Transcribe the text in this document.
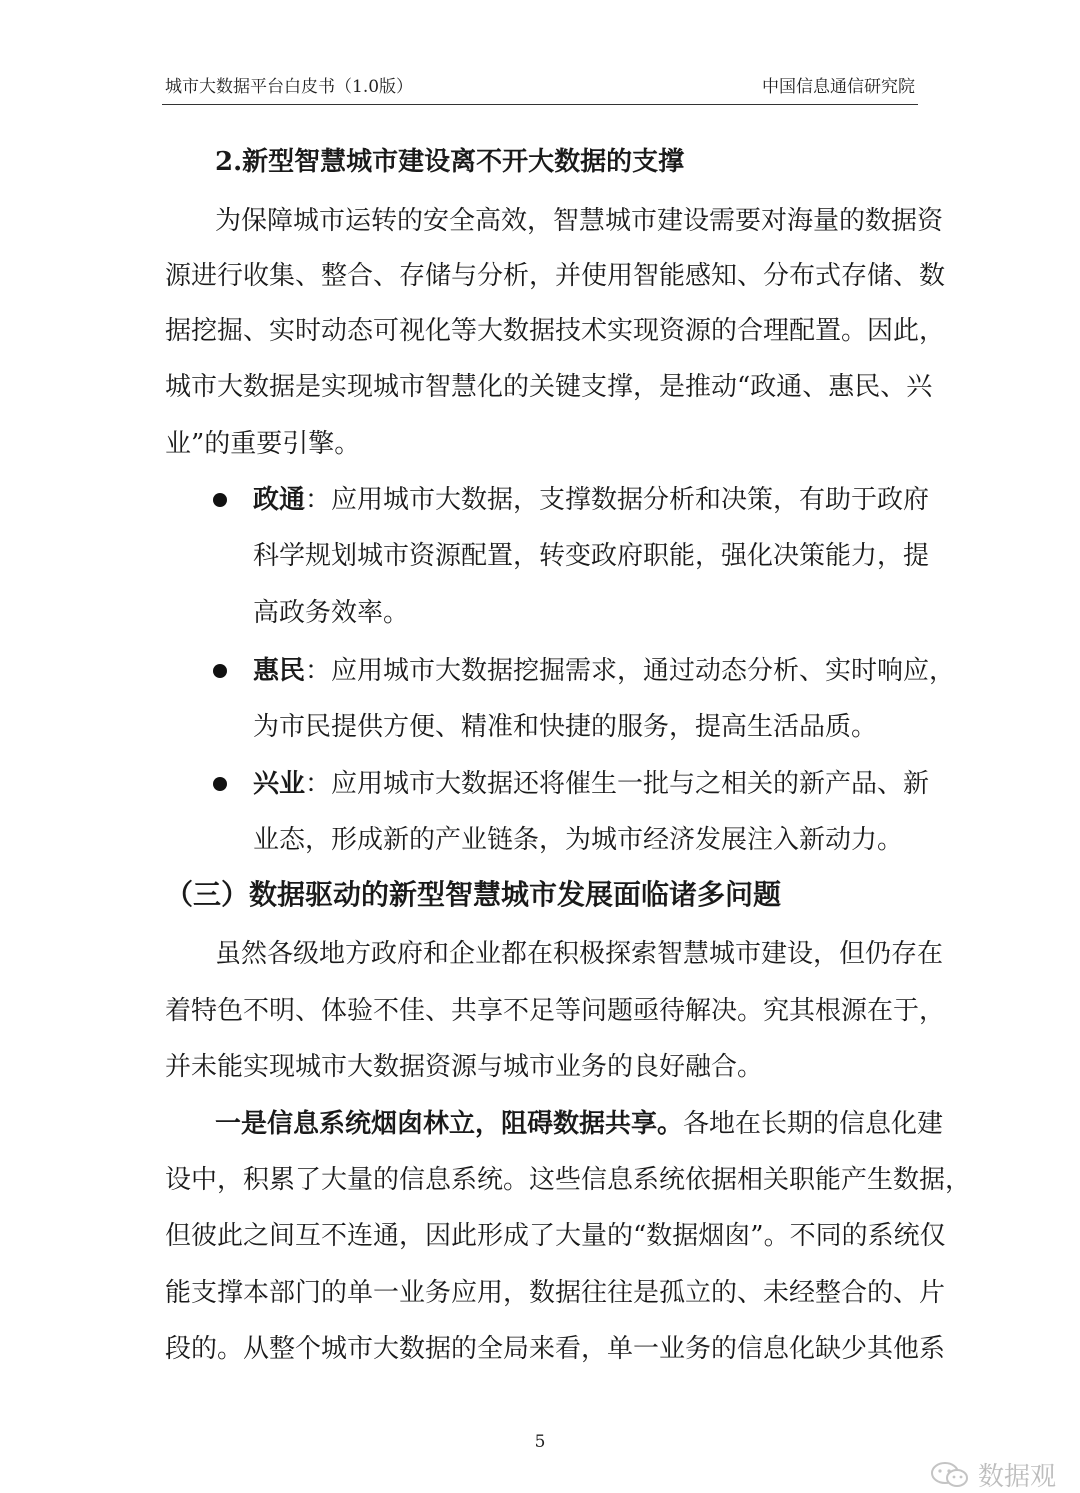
城市大数据平台白皮书（1.0版）	中国信息通信研究院
2.新型智慧城市建设离不开大数据的支撑
为保障城市运转的安全高效，智慧城市建设需要对海量的数据资
源进行收集、整合、存储与分析，并使用智能感知、分布式存储、数
据挖掘、实时动态可视化等大数据技术实现资源的合理配置。因此，
城市大数据是实现城市智慧化的关键支撑，是推动“政通、惠民、兴
业”的重要引擎。
政通：应用城市大数据，支撑数据分析和决策，有助于政府
科学规划城市资源配置，转变政府职能，强化决策能力，提
高政务效率。
惠民：应用城市大数据挖掘需求，通过动态分析、实时响应，
为市民提供方便、精准和快捷的服务，提高生活品质。
兴业：应用城市大数据还将催生一批与之相关的新产品、新
业态，形成新的产业链条，为城市经济发展注入新动力。
（三）数据驱动的新型智慧城市发展面临诸多问题
虽然各级地方政府和企业都在积极探索智慧城市建设，但仍存在
着特色不明、体验不佳、共享不足等问题亟待解决。究其根源在于，
并未能实现城市大数据资源与城市业务的良好融合。
一是信息系统烟囱林立，阻碍数据共享。各地在长期的信息化建
设中，积累了大量的信息系统。这些信息系统依据相关职能产生数据，
但彼此之间互不连通，因此形成了大量的“数据烟囱”。不同的系统仅
能支撑本部门的单一业务应用，数据往往是孤立的、未经整合的、片
段的。从整个城市大数据的全局来看，单一业务的信息化缺少其他系
5
数据观
